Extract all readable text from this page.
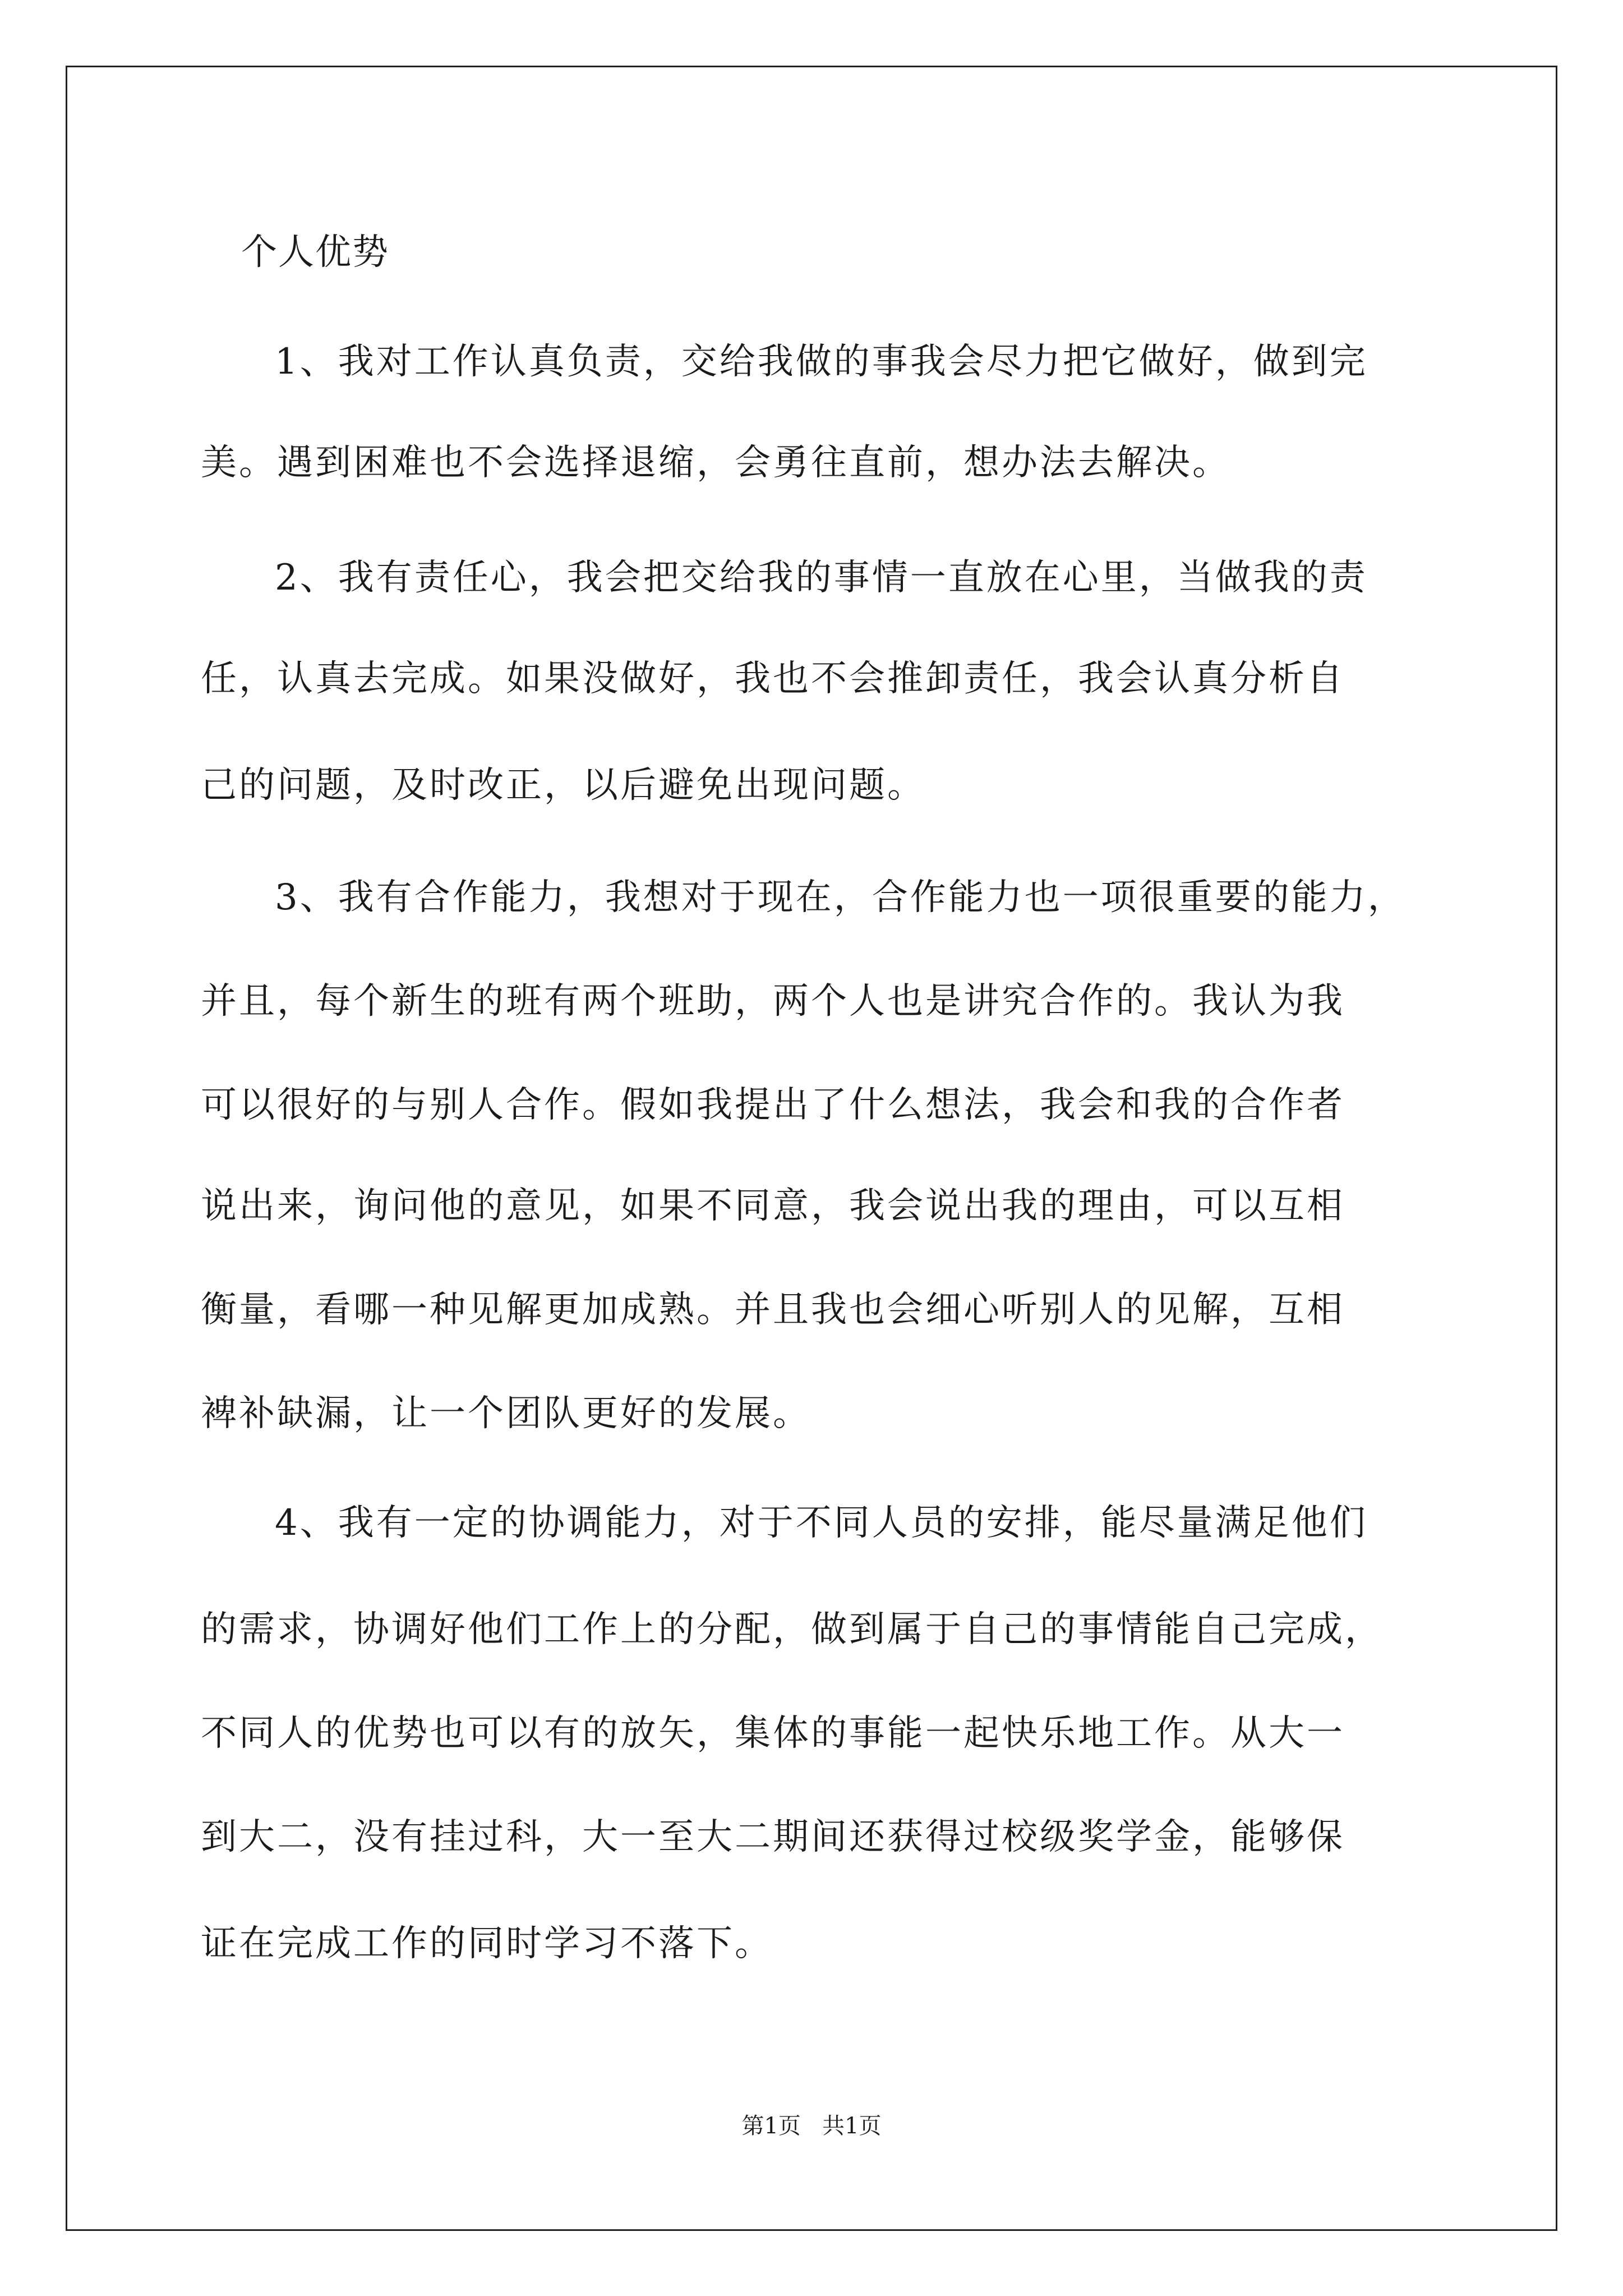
个人优势
1、我对工作认真负责，交给我做的事我会尽力把它做好，做到完
美。遇到困难也不会选择退缩，会勇往直前，想办法去解决。
2、我有责任心，我会把交给我的事情一直放在心里，当做我的责
任，认真去完成。如果没做好，我也不会推卸责任，我会认真分析自
己的问题，及时改正，以后避免出现问题。
3、我有合作能力，我想对于现在，合作能力也一项很重要的能力，
并且，每个新生的班有两个班助，两个人也是讲究合作的。我认为我
可以很好的与别人合作。假如我提出了什么想法，我会和我的合作者
说出来，询问他的意见，如果不同意，我会说出我的理由，可以互相
衡量，看哪一种见解更加成熟。并且我也会细心听别人的见解，互相
裨补缺漏，让一个团队更好的发展。
4、我有一定的协调能力，对于不同人员的安排，能尽量满足他们
的需求，协调好他们工作上的分配，做到属于自己的事情能自己完成，
不同人的优势也可以有的放矢，集体的事能一起快乐地工作。从大一
到大二，没有挂过科，大一至大二期间还获得过校级奖学金，能够保
证在完成工作的同时学习不落下。
第1页   共1页
